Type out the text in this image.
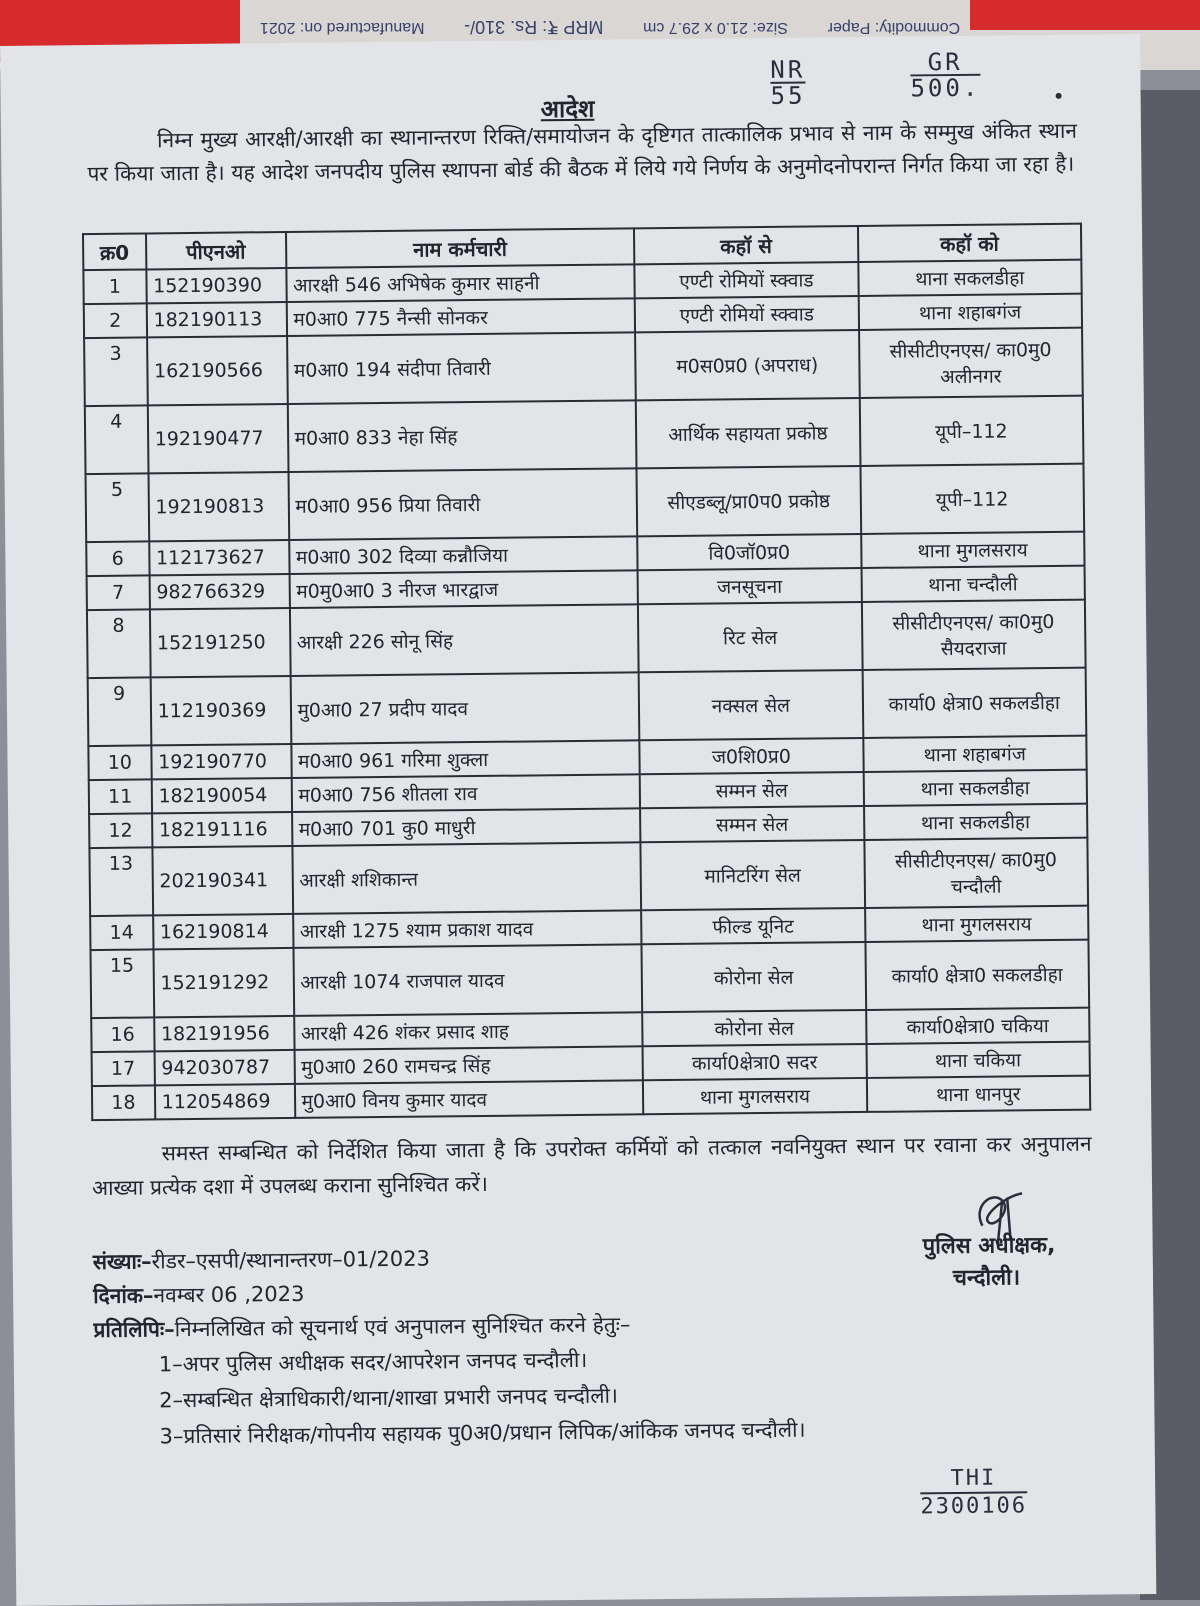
Commodity: Paper
Size: 21.0 x 29.7 cm
MRP ₹: Rs. 310/-
Manufactured on: 2021
NR
55
GR
500.
आदेश
निम्न मुख्य आरक्षी/आरक्षी का स्थानान्तरण रिक्ति/समायोजन के दृष्टिगत तात्कालिक प्रभाव से नाम के सम्मुख अंकित स्थान पर किया जाता है। यह आदेश जनपदीय पुलिस स्थापना बोर्ड की बैठक में लिये गये निर्णय के अनुमोदनोपरान्त निर्गत किया जा रहा है।
क्र0	पीएनओ	नाम कर्मचारी	कहॉ से	कहॉ को
1	152190390	आरक्षी 546 अभिषेक कुमार साहनी	एण्टी रोमियों स्क्वाड	थाना सकलडीहा
2	182190113	म0आ0 775 नैन्सी सोनकर	एण्टी रोमियों स्क्वाड	थाना शहाबगंज
3	162190566	म0आ0 194 संदीपा तिवारी	म0स0प्र0 (अपराध)	सीसीटीएनएस/ का0मु0 अलीनगर
4	192190477	म0आ0 833 नेहा सिंह	आर्थिक सहायता प्रकोष्ठ	यूपी–112
5	192190813	म0आ0 956 प्रिया तिवारी	सीएडब्लू/प्रा0प0 प्रकोष्ठ	यूपी–112
6	112173627	म0आ0 302 दिव्या कन्नौजिया	वि0जॉ0प्र0	थाना मुगलसराय
7	982766329	म0मु0आ0 3 नीरज भारद्वाज	जनसूचना	थाना चन्दौली
8	152191250	आरक्षी 226 सोनू सिंह	रिट सेल	सीसीटीएनएस/ का0मु0 सैयदराजा
9	112190369	मु0आ0 27 प्रदीप यादव	नक्सल सेल	कार्या0 क्षेत्रा0 सकलडीहा
10	192190770	म0आ0 961 गरिमा शुक्ला	ज0शि0प्र0	थाना शहाबगंज
11	182190054	म0आ0 756 शीतला राव	सम्मन सेल	थाना सकलडीहा
12	182191116	म0आ0 701 कु0 माधुरी	सम्मन सेल	थाना सकलडीहा
13	202190341	आरक्षी शशिकान्त	मानिटरिंग सेल	सीसीटीएनएस/ का0मु0 चन्दौली
14	162190814	आरक्षी 1275 श्याम प्रकाश यादव	फील्ड यूनिट	थाना मुगलसराय
15	152191292	आरक्षी 1074 राजपाल यादव	कोरोना सेल	कार्या0 क्षेत्रा0 सकलडीहा
16	182191956	आरक्षी 426 शंकर प्रसाद शाह	कोरोना सेल	कार्या0क्षेत्रा0 चकिया
17	942030787	मु0आ0 260 रामचन्द्र सिंह	कार्या0क्षेत्रा0 सदर	थाना चकिया
18	112054869	मु0आ0 विनय कुमार यादव	थाना मुगलसराय	थाना धानपुर
समस्त सम्बन्धित को निर्देशित किया जाता है कि उपरोक्त कर्मियों को तत्काल नवनियुक्त स्थान पर रवाना कर अनुपालन आख्या प्रत्येक दशा में उपलब्ध कराना सुनिश्चित करें।
संख्याः–रीडर–एसपी/स्थानान्तरण–01/2023
दिनांक–नवम्बर 06 ,2023
प्रतिलिपिः–निम्नलिखित को सूचनार्थ एवं अनुपालन सुनिश्चित करने हेतुः–
1–अपर पुलिस अधीक्षक सदर/आपरेशन जनपद चन्दौली।
2–सम्बन्धित क्षेत्राधिकारी/थाना/शाखा प्रभारी जनपद चन्दौली।
3–प्रतिसारं निरीक्षक/गोपनीय सहायक पु0अ0/प्रधान लिपिक/आंकिक जनपद चन्दौली।
पुलिस अधीक्षक,
चन्दौली।
THI
2300106
